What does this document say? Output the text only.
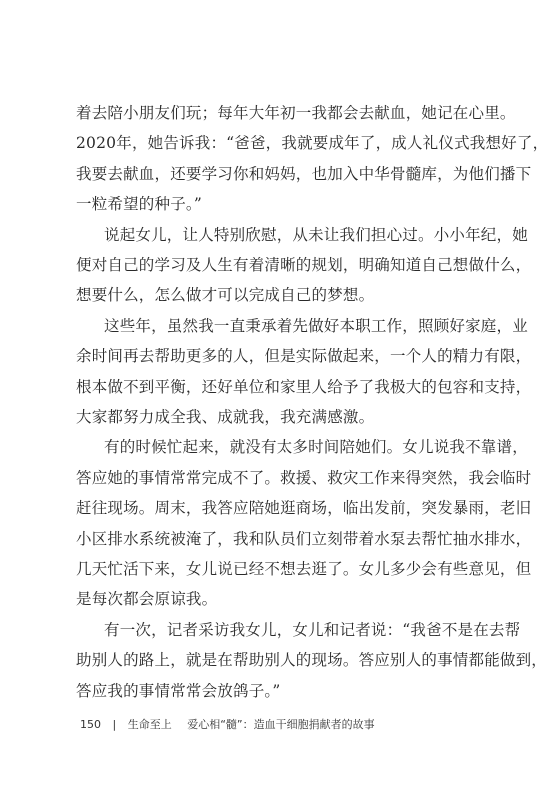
着去陪小朋友们玩；每年大年初一我都会去献血，她记在心里。
2020年，她告诉我：“爸爸，我就要成年了，成人礼仪式我想好了，
我要去献血，还要学习你和妈妈，也加入中华骨髓库，为他们播下
一粒希望的种子。”
说起女儿，让人特别欣慰，从未让我们担心过。小小年纪，她
便对自己的学习及人生有着清晰的规划，明确知道自己想做什么，
想要什么，怎么做才可以完成自己的梦想。
这些年，虽然我一直秉承着先做好本职工作，照顾好家庭，业
余时间再去帮助更多的人，但是实际做起来，一个人的精力有限，
根本做不到平衡，还好单位和家里人给予了我极大的包容和支持，
大家都努力成全我、成就我，我充满感激。
有的时候忙起来，就没有太多时间陪她们。女儿说我不靠谱，
答应她的事情常常完成不了。救援、救灾工作来得突然，我会临时
赶往现场。周末，我答应陪她逛商场，临出发前，突发暴雨，老旧
小区排水系统被淹了，我和队员们立刻带着水泵去帮忙抽水排水，
几天忙活下来，女儿说已经不想去逛了。女儿多少会有些意见，但
是每次都会原谅我。
150 | 生命至上 爱心相“髓”：造血干细胞捐献者的故事
有一次，记者采访我女儿，女儿和记者说：“我爸不是在去帮
助别人的路上，就是在帮助别人的现场。答应别人的事情都能做到，
答应我的事情常常会放鸽子。”
